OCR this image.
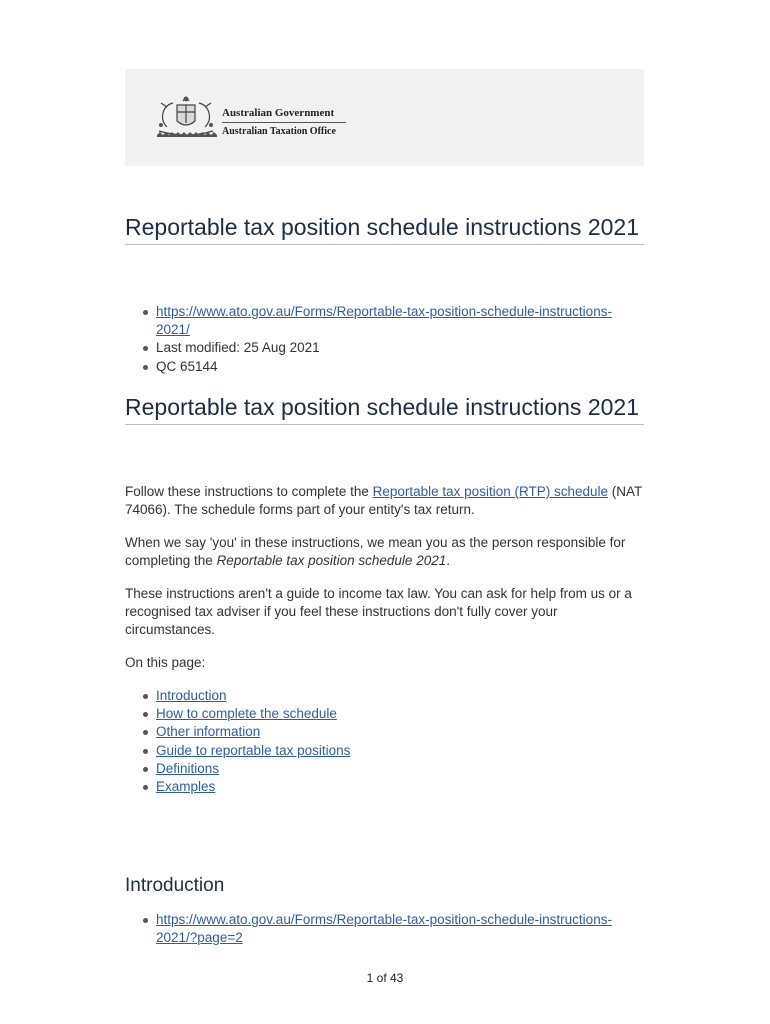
Australian Government
Australian Taxation Office
Reportable tax position schedule instructions 2021
https://www.ato.gov.au/Forms/Reportable-tax-position-schedule-instructions-2021/
Last modified: 25 Aug 2021
QC 65144
Reportable tax position schedule instructions 2021

Follow these instructions to complete the Reportable tax position (RTP) schedule (NAT 74066). The schedule forms part of your entity's tax return.

When we say 'you' in these instructions, we mean you as the person responsible for completing the Reportable tax position schedule 2021.

These instructions aren't a guide to income tax law. You can ask for help from us or a recognised tax adviser if you feel these instructions don't fully cover your circumstances.

On this page:

Introduction
How to complete the schedule
Other information
Guide to reportable tax positions
Definitions
Examples
Introduction
https://www.ato.gov.au/Forms/Reportable-tax-position-schedule-instructions-2021/?page=2
1 of 43
